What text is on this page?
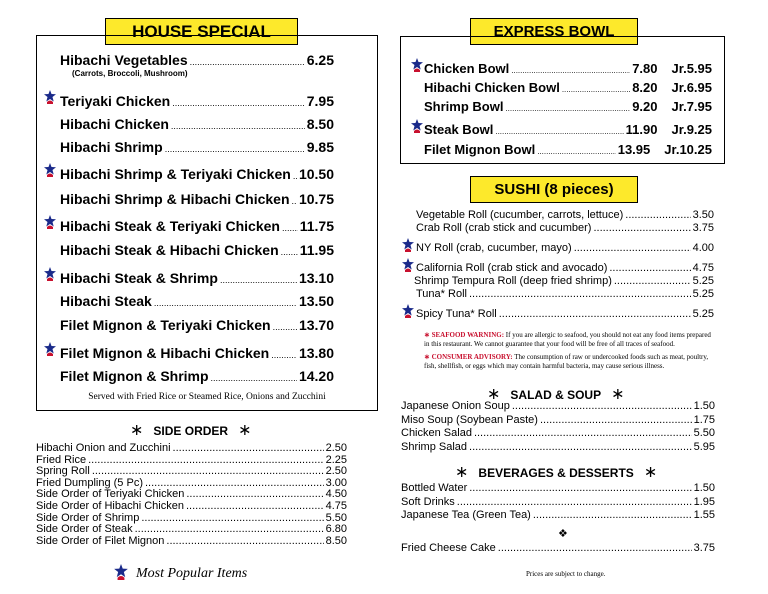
HOUSE SPECIAL
Served with Fried Rice or Steamed Rice, Onions and Zucchini
∗ SIDE ORDER ∗
Most Popular Items
EXPRESS BOWL
SUSHI (8 pieces)
∗ SEAFOOD WARNING: If you are allergic to seafood, you should not eat any food items prepared in this restaurant. We cannot guarantee that your food will be free of all traces of seafood.
∗ CONSUMER ADVISORY: The consumption of raw or undercooked foods such as meat, poultry, fish, shellfish, or eggs which may contain harmful bacteria, may cause serious illness.
∗ SALAD & SOUP ∗
∗ BEVERAGES & DESSERTS ∗
❖
Fried Cheese Cake .....	3.75
Prices are subject to change.
Hibachi Vegetables .....	6.25
(Carrots, Broccoli, Mushroom)
Teriyaki Chicken .....	7.95
Hibachi Chicken .....	8.50
Hibachi Shrimp .....	9.85
Hibachi Shrimp & Teriyaki Chicken ..... 10.50
Hibachi Shrimp & Hibachi Chicken ..... 10.75
Hibachi Steak & Teriyaki Chicken ..... 11.75
Hibachi Steak & Hibachi Chicken ..... 11.95
Hibachi Steak & Shrimp .....	13.10
Hibachi Steak .....	13.50
Filet Mignon & Teriyaki Chicken ..... 13.70
Filet Mignon & Hibachi Chicken ..... 13.80
Filet Mignon & Shrimp .....	14.20
Hibachi Onion and Zucchini .....	2.50
Fried Rice .....	2.25
Spring Roll .....	2.50
Fried Dumpling (5 Pc) .....	3.00
Side Order of Teriyaki Chicken .....	4.50
Side Order of Hibachi Chicken .....	4.75
Side Order of Shrimp .....	5.50
Side Order of Steak .....	6.80
Side Order of Filet Mignon .....	8.50
Chicken Bowl .....	7.80 Jr. 5.95
Hibachi Chicken Bowl .....	8.20 Jr. 6.95
Shrimp Bowl .....	9.20 Jr. 7.95
Steak Bowl .....	11.90 Jr. 9.25
Filet Mignon Bowl .....	13.95 Jr. 10.25
Vegetable Roll (cucumber, carrots, lettuce) .....	3.50
Crab Roll (crab stick and cucumber) .....	3.75
NY Roll (crab, cucumber, mayo) .....	4.00
California Roll (crab stick and avocado) .....	4.75
Shrimp Tempura Roll (deep fried shrimp) .....	5.25
Tuna* Roll .....	5.25
Spicy Tuna* Roll .....	5.25
Japanese Onion Soup .....	1.50
Miso Soup (Soybean Paste) .....	1.75
Chicken Salad .....	5.50
Shrimp Salad .....	5.95
Bottled Water .....	1.50
Soft Drinks .....	1.95
Japanese Tea (Green Tea) .....	1.55
